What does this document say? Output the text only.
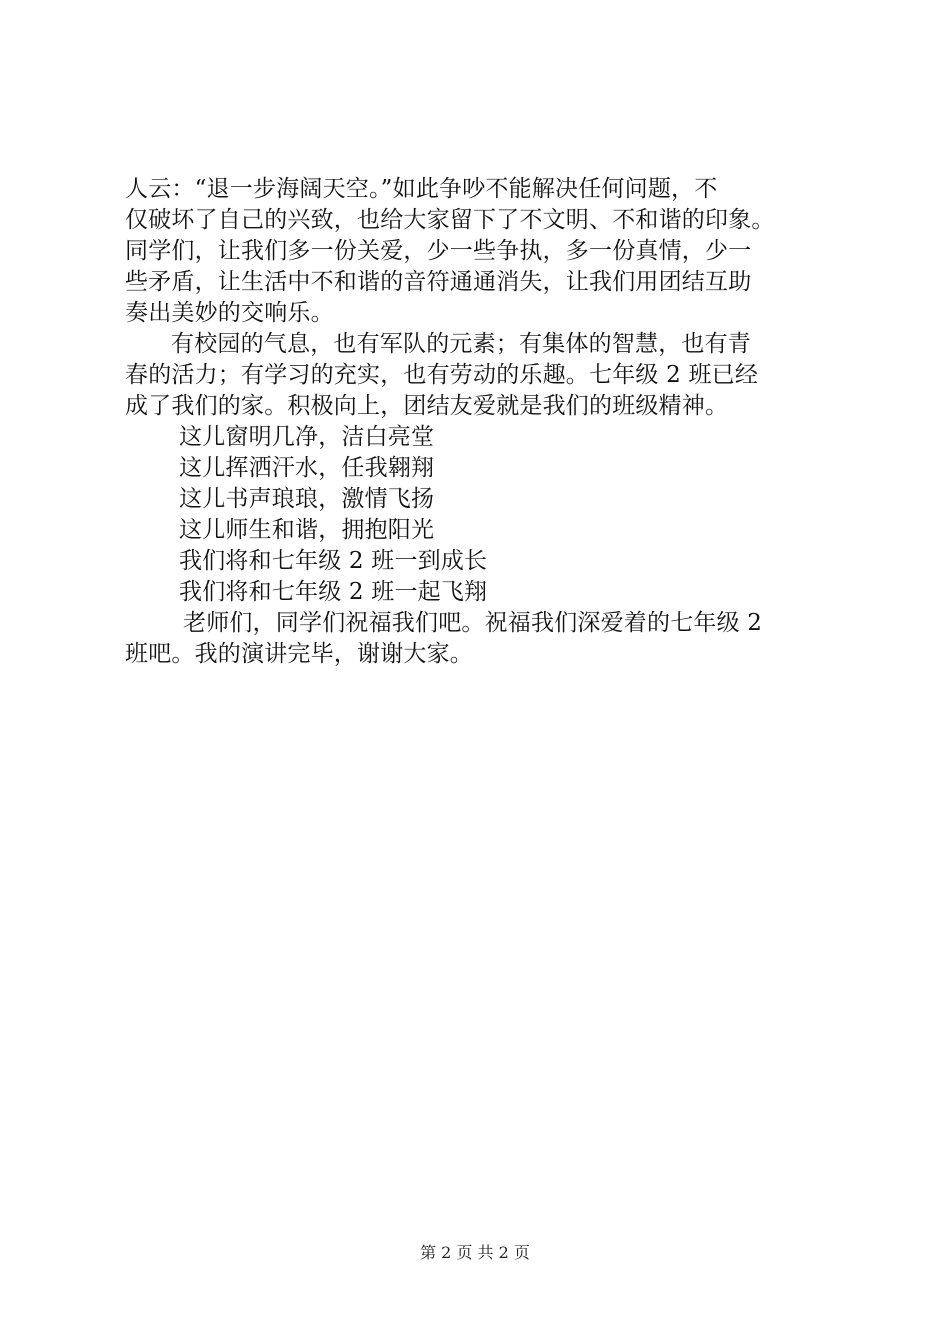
人云：“退一步海阔天空。”如此争吵不能解决任何问题，不
仅破坏了自己的兴致，也给大家留下了不文明、不和谐的印象。
同学们，让我们多一份关爱，少一些争执，多一份真情，少一
些矛盾，让生活中不和谐的音符通通消失，让我们用团结互助
奏出美妙的交响乐。
有校园的气息，也有军队的元素；有集体的智慧，也有青
春的活力；有学习的充实，也有劳动的乐趣。七年级 2 班已经
成了我们的家。积极向上，团结友爱就是我们的班级精神。
这儿窗明几净，洁白亮堂
这儿挥洒汗水，任我翱翔
这儿书声琅琅，激情飞扬
这儿师生和谐，拥抱阳光
我们将和七年级 2 班一到成长
我们将和七年级 2 班一起飞翔
老师们，同学们祝福我们吧。祝福我们深爱着的七年级 2
班吧。我的演讲完毕，谢谢大家。
第 2 页 共 2 页
